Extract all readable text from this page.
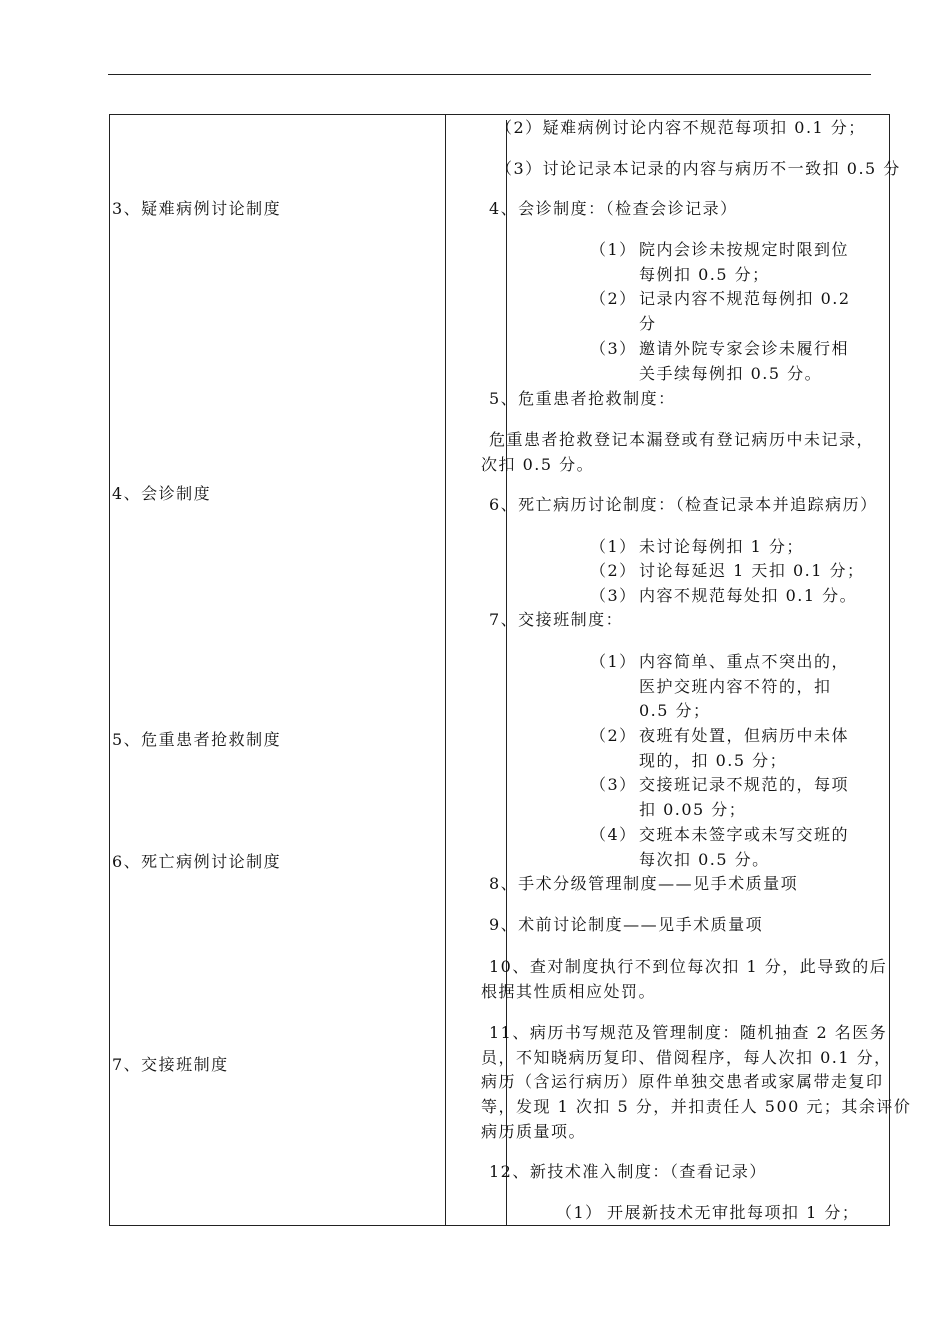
3、疑难病例讨论制度
4、会诊制度
5、危重患者抢救制度
6、死亡病例讨论制度
7、交接班制度
（2）疑难病例讨论内容不规范每项扣 0.1 分；
（3）讨论记录本记录的内容与病历不一致扣 0.5 分
4、会诊制度：（检查会诊记录）
（1） 院内会诊未按规定时限到位
每例扣 0.5 分；
（2） 记录内容不规范每例扣 0.2
分
（3） 邀请外院专家会诊未履行相
关手续每例扣 0.5 分。
5、危重患者抢救制度：
危重患者抢救登记本漏登或有登记病历中未记录，
次扣 0.5 分。
6、死亡病历讨论制度：（检查记录本并追踪病历）
（1） 未讨论每例扣 1 分；
（2） 讨论每延迟 1 天扣 0.1 分；
（3） 内容不规范每处扣 0.1 分。
7、交接班制度：
（1） 内容简单、重点不突出的，
医护交班内容不符的，扣
0.5 分；
（2） 夜班有处置，但病历中未体
现的，扣 0.5 分；
（3） 交接班记录不规范的，每项
扣 0.05 分；
（4） 交班本未签字或未写交班的
每次扣 0.5 分。
8、手术分级管理制度——见手术质量项
9、术前讨论制度——见手术质量项
10、查对制度执行不到位每次扣 1 分，此导致的后
根据其性质相应处罚。
11、病历书写规范及管理制度：随机抽查 2 名医务
员，不知晓病历复印、借阅程序，每人次扣 0.1 分，
病历（含运行病历）原件单独交患者或家属带走复印
等，发现 1 次扣 5 分，并扣责任人 500 元；其余评价
病历质量项。
12、新技术准入制度：（查看记录）
（1） 开展新技术无审批每项扣 1 分；
